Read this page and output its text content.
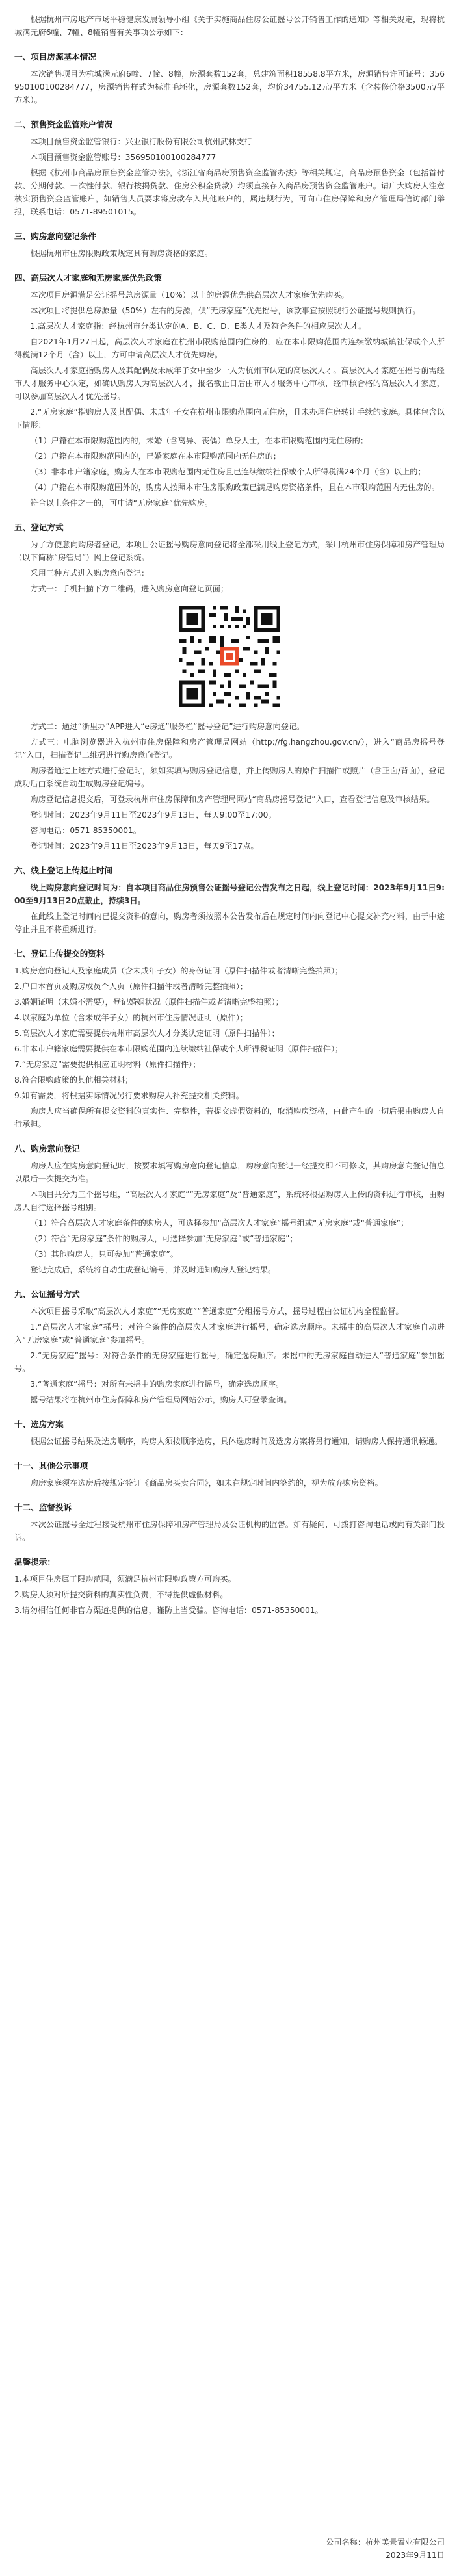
根据杭州市房地产市场平稳健康发展领导小组《关于实施商品住房公证摇号公开销售工作的通知》等相关规定，现将杭城满元府6幢、7幢、8幢销售有关事项公示如下：

一、项目房源基本情况

本次销售项目为杭城满元府6幢、7幢、8幢，房源套数152套，总建筑面积18558.8平方米，房源销售许可证号：356950100100284777，房源销售样式为标准毛坯化，房源套数152套，均价34755.12元/平方米（含装修价格3500元/平方米）。

二、预售资金监管账户情况

本项目预售资金监管银行：兴业银行股份有限公司杭州武林支行

本项目预售资金监管账号：356950100100284777

根据《杭州市商品房预售资金监管办法》，《浙江省商品房预售资金监管办法》等相关规定，商品房预售资金（包括首付款、分期付款、一次性付款、银行按揭贷款、住房公积金贷款）均须直接存入商品房预售资金监管账户。请广大购房人注意核实预售资金监管账户，如销售人员要求将房款存入其他账户的，属违规行为，可向市住房保障和房产管理局信访部门举报，联系电话：0571-89501015。

三、购房意向登记条件

根据杭州市住房限购政策规定具有购房资格的家庭。

四、高层次人才家庭和无房家庭优先政策

本次项目房源满足公证摇号总房源量（10%）以上的房源优先供高层次人才家庭优先购买。

本次项目将提供总房源量（50%）左右的房源，供“无房家庭”优先摇号，该款事宜按照现行公证摇号规则执行。

1.高层次人才家庭指：经杭州市分类认定的A、B、C、D、E类人才及符合条件的相应层次人才。

自2021年1月27日起，高层次人才家庭在杭州市限购范围内住房的，应在本市限购范围内连续缴纳城镇社保或个人所得税满12个月（含）以上，方可申请高层次人才优先购房。

高层次人才家庭指购房人及其配偶及未成年子女中至少一人为杭州市认定的高层次人才。高层次人才家庭在摇号前需经市人才服务中心认定，如确认购房人为高层次人才，报名截止日后由市人才服务中心审核，经审核合格的高层次人才家庭，可以参加高层次人才优先摇号。

2.“无房家庭”指购房人及其配偶、未成年子女在杭州市限购范围内无住房，且未办理住房转让手续的家庭。具体包含以下情形：

（1）户籍在本市限购范围内的，未婚（含离异、丧偶）单身人士，在本市限购范围内无住房的；

（2）户籍在本市限购范围内的，已婚家庭在本市限购范围内无住房的；

（3）非本市户籍家庭，购房人在本市限购范围内无住房且已连续缴纳社保或个人所得税满24个月（含）以上的；

（4）户籍在本市限购范围外的，购房人按照本市住房限购政策已满足购房资格条件，且在本市限购范围内无住房的。

符合以上条件之一的，可申请“无房家庭”优先购房。

五、登记方式

为了方便意向购房者登记，本项目公证摇号购房意向登记将全部采用线上登记方式，采用杭州市住房保障和房产管理局（以下简称“房管局”）网上登记系统。

采用三种方式进入购房意向登记：

方式一：手机扫描下方二维码，进入购房意向登记页面；

方式二：通过“浙里办”APP进入“e房通”服务栏“摇号登记”进行购房意向登记。

方式三：电脑浏览器进入杭州市住房保障和房产管理局网站（http://fg.hangzhou.gov.cn/），进入“商品房摇号登记”入口，扫描登记二维码进行购房意向登记。

购房者通过上述方式进行登记时，须如实填写购房登记信息，并上传购房人的原件扫描件或照片（含正面/背面），登记成功后由系统自动生成购房登记编号。

购房登记信息提交后，可登录杭州市住房保障和房产管理局网站“商品房摇号登记”入口，查看登记信息及审核结果。

登记时间：2023年9月11日至2023年9月13日，每天9:00至17:00。

咨询电话：0571-85350001。

登记时间：2023年9月11日至2023年9月13日，每天9至17点。

六、线上登记上传起止时间

线上购房意向登记时间为：自本项目商品住房预售公证摇号登记公告发布之日起，线上登记时间：2023年9月11日9:00至9月13日20点截止，持续3日。

在此线上登记时间内已提交资料的意向，购房者须按照本公告发布后在规定时间内向登记中心提交补充材料，由于中途停止并且不将重新进行。

七、登记上传提交的资料

1.购房意向登记人及家庭成员（含未成年子女）的身份证明（原件扫描件或者清晰完整拍照）；

2.户口本首页及购房成员个人页（原件扫描件或者清晰完整拍照）；

3.婚姻证明（未婚不需要），登记婚姻状况（原件扫描件或者清晰完整拍照）；

4.以家庭为单位（含未成年子女）的杭州市住房情况证明（原件）；

5.高层次人才家庭需要提供杭州市高层次人才分类认定证明（原件扫描件）；

6.非本市户籍家庭需要提供在本市限购范围内连续缴纳社保或个人所得税证明（原件扫描件）；

7.“无房家庭”需要提供相应证明材料（原件扫描件）；

8.符合限购政策的其他相关材料；

9.如有需要，将根据实际情况另行要求购房人补充提交相关资料。

购房人应当确保所有提交资料的真实性、完整性，若提交虚假资料的，取消购房资格，由此产生的一切后果由购房人自行承担。

八、购房意向登记

购房人应在购房意向登记时，按要求填写购房意向登记信息，购房意向登记一经提交即不可修改，其购房意向登记信息以最后一次提交为准。

本项目共分为三个摇号组，“高层次人才家庭”“无房家庭”及“普通家庭”，系统将根据购房人上传的资料进行审核，由购房人自行选择摇号组别。

（1）符合高层次人才家庭条件的购房人，可选择参加“高层次人才家庭”摇号组或“无房家庭”或“普通家庭”；

（2）符合“无房家庭”条件的购房人，可选择参加“无房家庭”或“普通家庭”；

（3）其他购房人，只可参加“普通家庭”。

登记完成后，系统将自动生成登记编号，并及时通知购房人登记结果。

九、公证摇号方式

本次项目摇号采取“高层次人才家庭”“无房家庭”“普通家庭”分组摇号方式，摇号过程由公证机构全程监督。

1.“高层次人才家庭”摇号：对符合条件的高层次人才家庭进行摇号，确定选房顺序。未摇中的高层次人才家庭自动进入“无房家庭”或“普通家庭”参加摇号。

2.“无房家庭”摇号：对符合条件的无房家庭进行摇号，确定选房顺序。未摇中的无房家庭自动进入“普通家庭”参加摇号。

3.“普通家庭”摇号：对所有未摇中的购房家庭进行摇号，确定选房顺序。

摇号结果将在杭州市住房保障和房产管理局网站公示，购房人可登录查询。

十、选房方案

根据公证摇号结果及选房顺序，购房人须按顺序选房，具体选房时间及选房方案将另行通知，请购房人保持通讯畅通。

十一、其他公示事项

购房家庭须在选房后按规定签订《商品房买卖合同》，如未在规定时间内签约的，视为放弃购房资格。

十二、监督投诉

本次公证摇号全过程接受杭州市住房保障和房产管理局及公证机构的监督。如有疑问，可拨打咨询电话或向有关部门投诉。

温馨提示：

1.本项目住房属于限购范围，须满足杭州市限购政策方可购买。

2.购房人须对所提交资料的真实性负责，不得提供虚假材料。

3.请勿相信任何非官方渠道提供的信息，谨防上当受骗。咨询电话：0571-85350001。

公司名称：杭州美景置业有限公司
2023年9月11日
